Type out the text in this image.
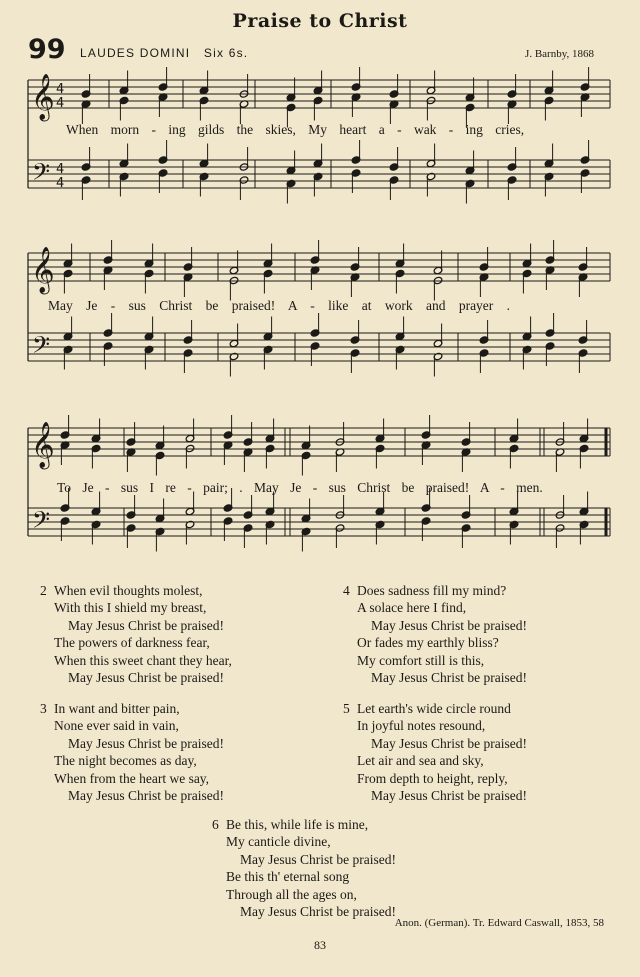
Praise to Christ
99 LAUDES DOMINI Six 6s.	J. Barnby, 1868
𝄞
𝄢
4
4
4
4
When morn - ing gilds the skies, My heart a - wak - ing cries,
𝄞
𝄢
May Je - sus Christ be praised! A - like at work and prayer .
𝄞
𝄢
To Je - sus I re - pair; . May Je - sus Christ be praised! A - men.
2 When evil thoughts molest,
With this I shield my breast,
May Jesus Christ be praised!
The powers of darkness fear,
When this sweet chant they hear,
May Jesus Christ be praised!
3 In want and bitter pain,
None ever said in vain,
May Jesus Christ be praised!
The night becomes as day,
When from the heart we say,
May Jesus Christ be praised!
4 Does sadness fill my mind?
A solace here I find,
May Jesus Christ be praised!
Or fades my earthly bliss?
My comfort still is this,
May Jesus Christ be praised!
5 Let earth's wide circle round
In joyful notes resound,
May Jesus Christ be praised!
Let air and sea and sky,
From depth to height, reply,
May Jesus Christ be praised!
6 Be this, while life is mine,
My canticle divine,
May Jesus Christ be praised!
Be this th' eternal song
Through all the ages on,
May Jesus Christ be praised!
Anon. (German). Tr. Edward Caswall, 1853, 58
83
